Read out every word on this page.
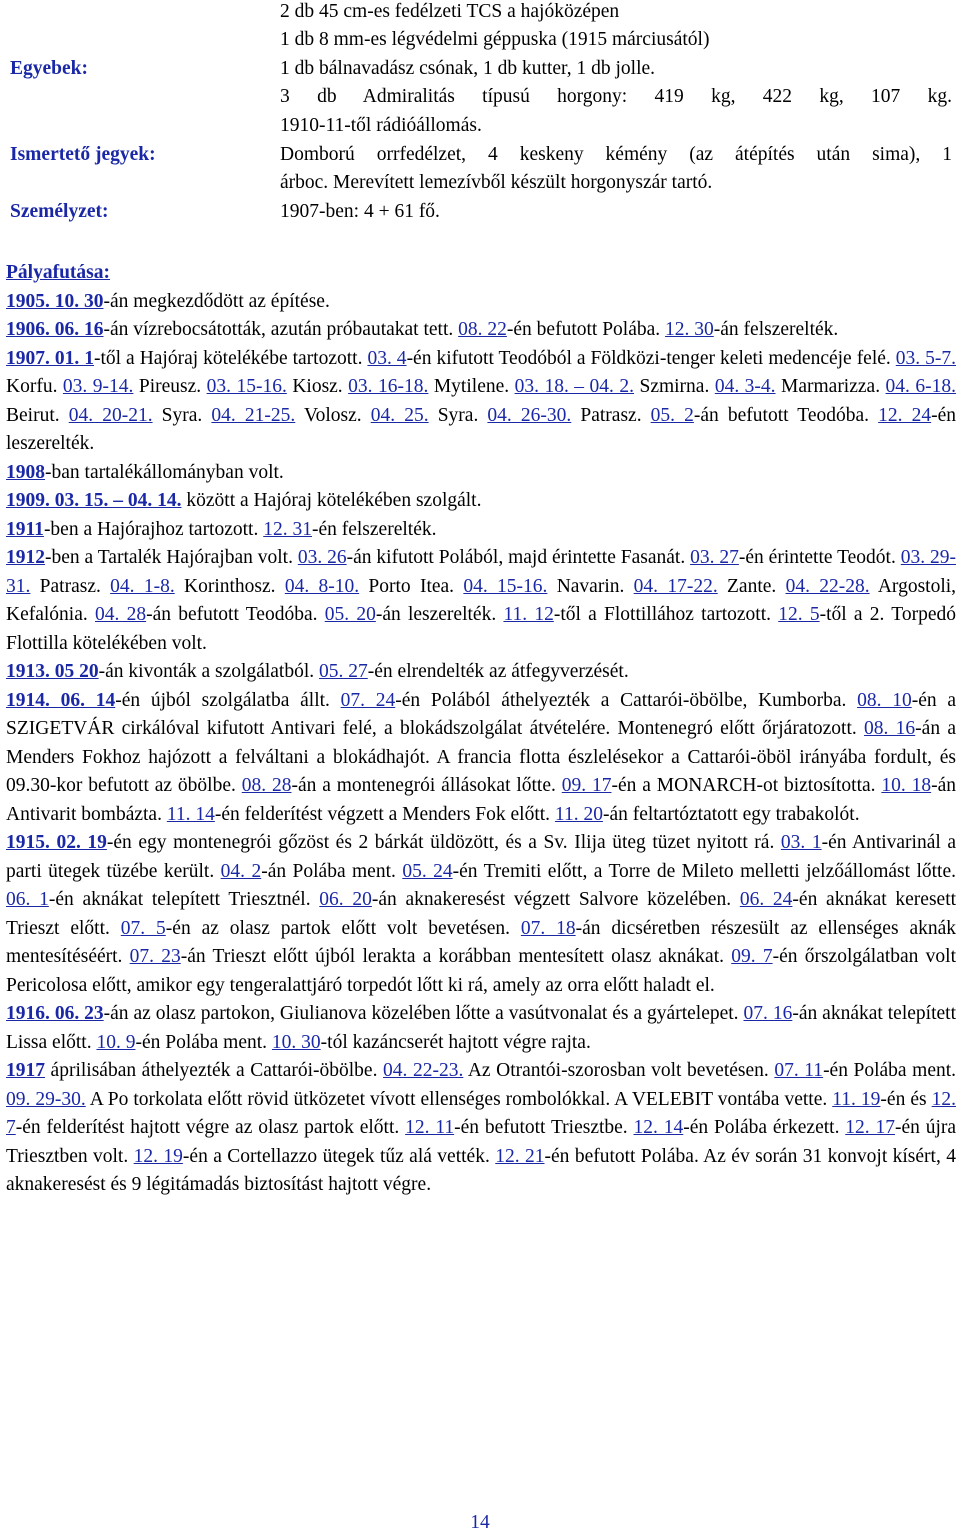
2 db 45 cm-es fedélzeti TCS a hajóközépen
1 db 8 mm-es légvédelmi géppuska (1915 márciusától)
Egyebek:	1 db bálnavadász csónak, 1 db kutter, 1 db jolle.
3 db Admiralitás típusú horgony: 419 kg, 422 kg, 107 kg.
1910-11-től rádióállomás.
Ismertető jegyek:	Domború orrfedélzet, 4 keskeny kémény (az átépítés után sima), 1
árboc. Merevített lemezívből készült horgonyszár tartó.
Személyzet:	1907-ben: 4 + 61 fő.

Pályafutása:

1905. 10. 30-án megkezdődött az építése.

1906. 06. 16-án vízrebocsátották, azután próbautakat tett. 08. 22-én befutott Polába. 12. 30-án felszerelték.

1907. 01. 1-től a Hajóraj kötelékébe tartozott. 03. 4-én kifutott Teodóból a Földközi-tenger keleti medencéje felé. 03. 5-7. Korfu. 03. 9-14. Pireusz. 03. 15-16. Kiosz. 03. 16-18. Mytilene. 03. 18. – 04. 2. Szmirna. 04. 3-4. Marmarizza. 04. 6-18. Beirut. 04. 20-21. Syra. 04. 21-25. Volosz. 04. 25. Syra. 04. 26-30. Patrasz. 05. 2-án befutott Teodóba. 12. 24-én leszerelték.

1908-ban tartalékállományban volt.

1909. 03. 15. – 04. 14. között a Hajóraj kötelékében szolgált.

1911-ben a Hajórajhoz tartozott. 12. 31-én felszerelték.

1912-ben a Tartalék Hajórajban volt. 03. 26-án kifutott Polából, majd érintette Fasanát. 03. 27-én érintette Teodót. 03. 29-31. Patrasz. 04. 1-8. Korinthosz. 04. 8-10. Porto Itea. 04. 15-16. Navarin. 04. 17-22. Zante. 04. 22-28. Argostoli, Kefalónia. 04. 28-án befutott Teodóba. 05. 20-án leszerelték. 11. 12-től a Flottillához tartozott. 12. 5-től a 2. Torpedó Flottilla kötelékében volt.

1913. 05 20-án kivonták a szolgálatból. 05. 27-én elrendelték az átfegyverzését.

1914. 06. 14-én újból szolgálatba állt. 07. 24-én Polából áthelyezték a Cattarói-öbölbe, Kumborba. 08. 10-én a SZIGETVÁR cirkálóval kifutott Antivari felé, a blokádszolgálat átvételére. Montenegró előtt őrjáratozott. 08. 16-án a Menders Fokhoz hajózott a felváltani a blokádhajót. A francia flotta észlelésekor a Cattarói-öböl irányába fordult, és 09.30-kor befutott az öbölbe. 08. 28-án a montenegrói állásokat lőtte. 09. 17-én a MONARCH-ot biztosította. 10. 18-án Antivarit bombázta. 11. 14-én felderítést végzett a Menders Fok előtt. 11. 20-án feltartóztatott egy trabakolót.

1915. 02. 19-én egy montenegrói gőzöst és 2 bárkát üldözött, és a Sv. Ilija üteg tüzet nyitott rá. 03. 1-én Antivarinál a parti ütegek tüzébe került. 04. 2-án Polába ment. 05. 24-én Tremiti előtt, a Torre de Mileto melletti jelzőállomást lőtte. 06. 1-én aknákat telepített Triesztnél. 06. 20-án aknakeresést végzett Salvore közelében. 06. 24-én aknákat keresett Trieszt előtt. 07. 5-én az olasz partok előtt volt bevetésen. 07. 18-án dicséretben részesült az ellenséges aknák mentesítéséért. 07. 23-án Trieszt előtt újból lerakta a korábban mentesített olasz aknákat. 09. 7-én őrszolgálatban volt Pericolosa előtt, amikor egy tengeralattjáró torpedót lőtt ki rá, amely az orra előtt haladt el.

1916. 06. 23-án az olasz partokon, Giulianova közelében lőtte a vasútvonalat és a gyártelepet. 07. 16-án aknákat telepített Lissa előtt. 10. 9-én Polába ment. 10. 30-tól kazáncserét hajtott végre rajta.

1917 áprilisában áthelyezték a Cattarói-öbölbe. 04. 22-23. Az Otrantói-szorosban volt bevetésen. 07. 11-én Polába ment. 09. 29-30. A Po torkolata előtt rövid ütközetet vívott ellenséges rombolókkal. A VELEBIT vontába vette. 11. 19-én és 12. 7-én felderítést hajtott végre az olasz partok előtt. 12. 11-én befutott Triesztbe. 12. 14-én Polába érkezett. 12. 17-én újra Triesztben volt. 12. 19-én a Cortellazzo ütegek tűz alá vették. 12. 21-én befutott Polába. Az év során 31 konvojt kísért, 4 aknakeresést és 9 légitámadás biztosítást hajtott végre.

14
